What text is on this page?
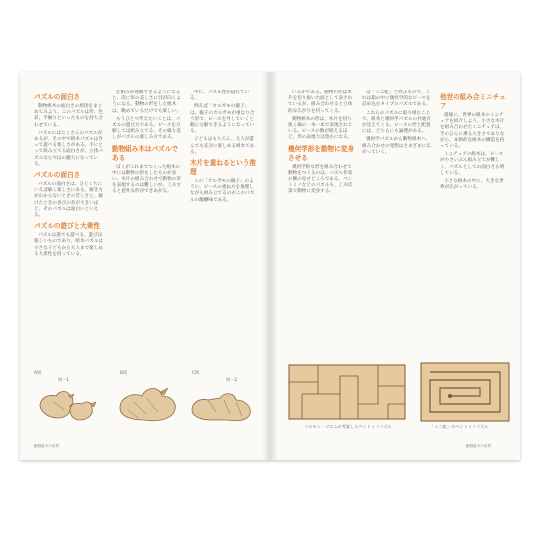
パズルの面白さ
動物組木の面白さの原因をまとめてみよう。このパズルは形、色彩、手触りといったものを持ち合わせている。
パズルにはたくさんのパズルがあるが、その中で組木パズルは作って遊べる楽しさがある。手にとって組み立てる面白さが、立体パズルならではの魅力になっている。
パズルの面白さ
パズルの面白さは、ひとくちにいえば解く楽しさにある。解き方がわからないときの苦しさと、解けたときの喜びの差が大きいほど、そのパズルは面白いといえる。
パズルの遊びと大衆性
パズルは誰でも遊べる。遊びは楽しいものであり、組木パズルは小さな子どもから大人まで楽しめる大衆性を持っている。
仕組みが理解できるようになると、次に形の美しさに目が向くようになる。動物の形をした組木は、眺めているだけでも楽しい。
もうひとつ考えたいことは、パズルの遊び方である。ピースを分解しては組み立てる、その繰り返しがパズルの楽しみ方である。
動物組み木はパズルである
ぼくがこれまでつくった組木の中には動物の形をしたものが多い。木片の組み合わせで動物の形を表現するのは難しいが、工夫すると意外な形ができあがる。
中に、パズル性が隠れている。
例えば「カルガモの親子」は、親子のカルガモが重なり合う形で、ピースを外していくと順に分解できるようになっている。
子どもはもちろん、大人が遊んでも充分に楽しめる組木である。
木片を重ねるという推理
この「カルガモの親子」のように、ピースの重ね方を推理しながら組み立てるのがこのパズルの醍醐味である。
A図	B図	C図
図一1	図一2
動物組木の世界
いるかである。動物の形は木片を切り抜いた面として表されているが、組み合わせると立体的な広がりを持ってくる。
動物組木の形は、木片を切り抜く線の一本一本で表現されている。ピースの数が増えるほど、形の表現力は豊かになる。
幾何学形を動物に変身させる
幾何学的な形を組み合わせて動物をつくるのは、パズル作家の腕の見せどころである。ベントミノなどのパズルも、工夫次第で動物に変身する。
は「ミニ蛇」と呼ぶもので、これは箱の中に幾何学的なピースを詰め込むタイプのパズルである。
これらのパズルに取り組むことで、組木と幾何学パズルの共通点が見えてくる。ピースの形と配置には、どちらにも論理がある。
幾何学パズルから動物組木へ、組み合わせの発想はさまざまに広がっていく。
他世の組み合ミニチュア
最後に、世界の組木のミニチュアを紹介しよう。小さな木片を組み合わせたミニチュアは、手のひらに乗る大きさでありながら、本格的な組木の構造を持っている。
ミニチュアの組木は、ピースが小さいぶん組み立てが難しく、パズルとしての面白さも増している。
小さな組木の中に、大きな世界が広がっている。
ソロモン・ゴロムが考案したペントミノパズル	「ミニ蛇」のペントミノパズル
動物組木の世界
